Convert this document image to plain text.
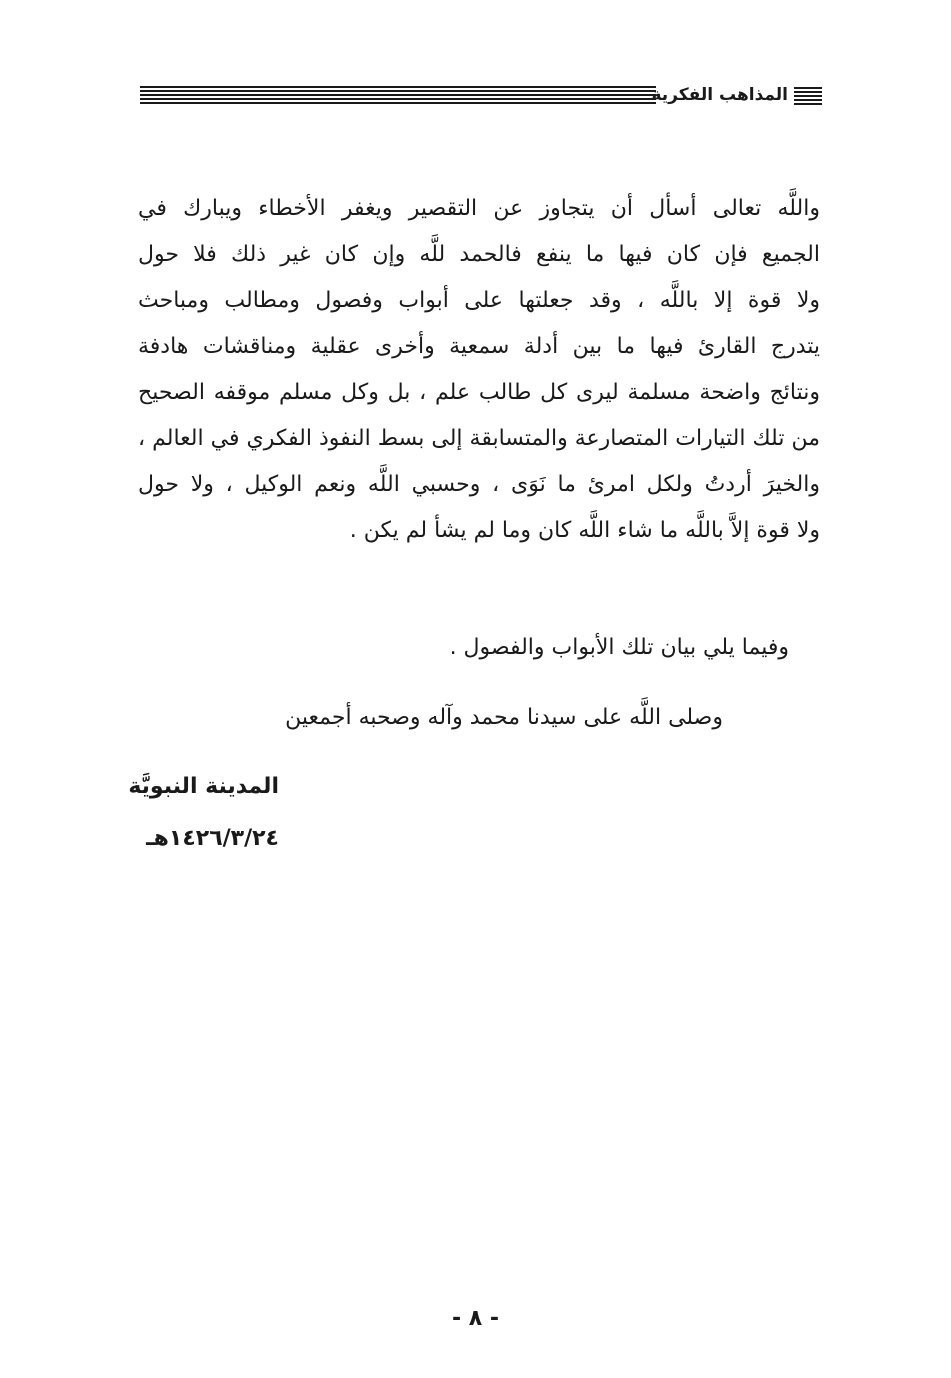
المذاهب الفكرية
واللَّه تعالى أسأل أن يتجاوز عن التقصير ويغفر الأخطاء ويبارك في
الجميع فإن كان فيها ما ينفع فالحمد للَّه وإن كان غير ذلك فلا حول
ولا قوة إلا باللَّه ، وقد جعلتها على أبواب وفصول ومطالب ومباحث
يتدرج القارئ فيها ما بين أدلة سمعية وأخرى عقلية ومناقشات هادفة
ونتائج واضحة مسلمة ليرى كل طالب علم ، بل وكل مسلم موقفه الصحيح
من تلك التيارات المتصارعة والمتسابقة إلى بسط النفوذ الفكري في العالم ،
والخيرَ أردتُ ولكل امرئ ما نَوَى ، وحسبي اللَّه ونعم الوكيل ، ولا حول
ولا قوة إلاَّ باللَّه ما شاء اللَّه كان وما لم يشأ لم يكن .
وفيما يلي بيان تلك الأبواب والفصول .
وصلى اللَّه على سيدنا محمد وآله وصحبه أجمعين
المدينة النبويَّة
١٤٢٦/٣/٢٤هـ
- ٨ -
